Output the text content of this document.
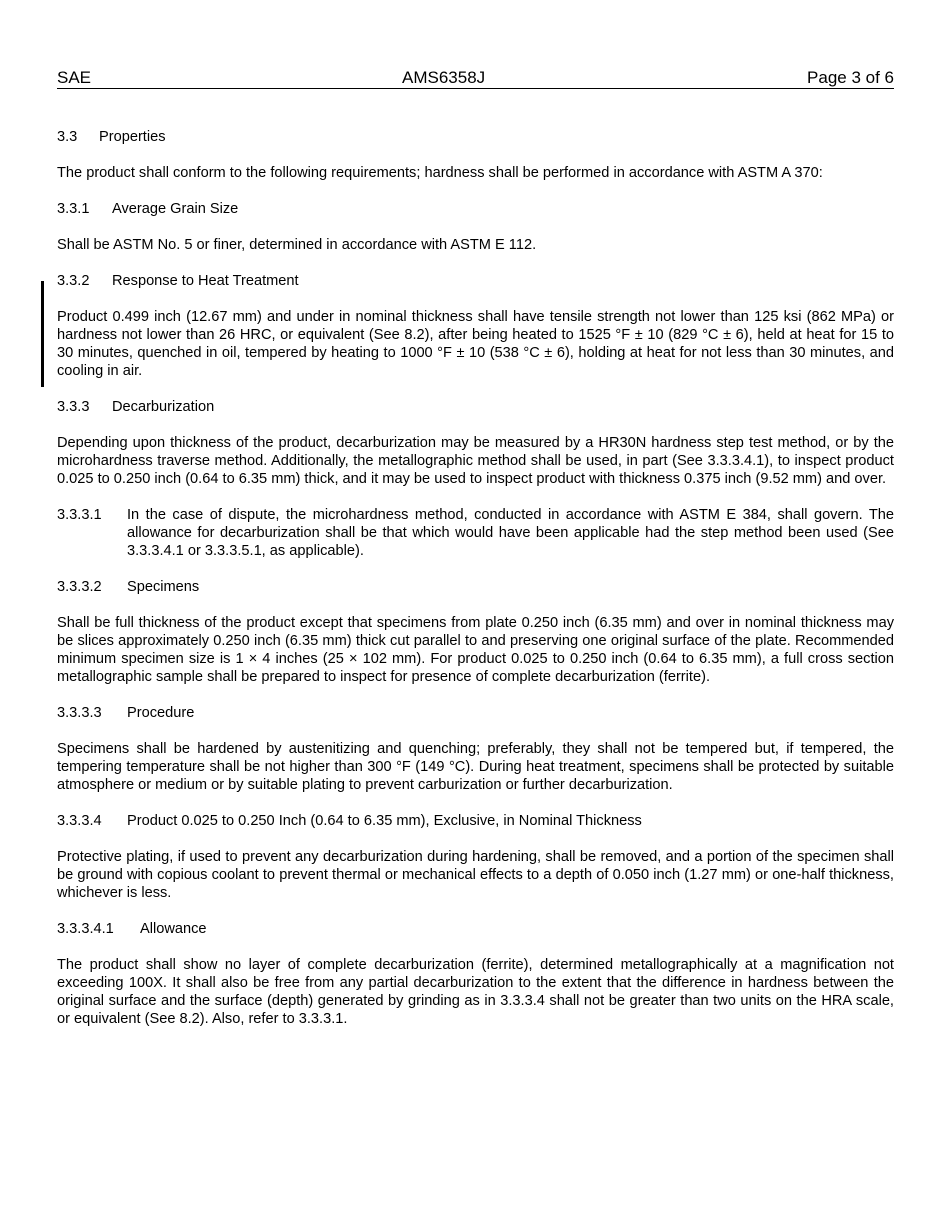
SAE	AMS6358J	Page 3 of 6
3.3 Properties

The product shall conform to the following requirements; hardness shall be performed in accordance with ASTM A 370:

3.3.1 Average Grain Size

Shall be ASTM No. 5 or finer, determined in accordance with ASTM E 112.

3.3.2 Response to Heat Treatment

Product 0.499 inch (12.67 mm) and under in nominal thickness shall have tensile strength not lower than 125 ksi (862 MPa) or hardness not lower than 26 HRC, or equivalent (See 8.2), after being heated to 1525 °F ± 10 (829 °C ± 6), held at heat for 15 to 30 minutes, quenched in oil, tempered by heating to 1000 °F ± 10 (538 °C ± 6), holding at heat for not less than 30 minutes, and cooling in air.

3.3.3 Decarburization

Depending upon thickness of the product, decarburization may be measured by a HR30N hardness step test method, or by the microhardness traverse method. Additionally, the metallographic method shall be used, in part (See 3.3.3.4.1), to inspect product 0.025 to 0.250 inch (0.64 to 6.35 mm) thick, and it may be used to inspect product with thickness 0.375 inch (9.52 mm) and over.

3.3.3.1	In the case of dispute, the microhardness method, conducted in accordance with ASTM E 384, shall govern. The allowance for decarburization shall be that which would have been applicable had the step method been used (See 3.3.3.4.1 or 3.3.3.5.1, as applicable).
3.3.3.2 Specimens

Shall be full thickness of the product except that specimens from plate 0.250 inch (6.35 mm) and over in nominal thickness may be slices approximately 0.250 inch (6.35 mm) thick cut parallel to and preserving one original surface of the plate. Recommended minimum specimen size is 1 × 4 inches (25 × 102 mm). For product 0.025 to 0.250 inch (0.64 to 6.35 mm), a full cross section metallographic sample shall be prepared to inspect for presence of complete decarburization (ferrite).

3.3.3.3 Procedure

Specimens shall be hardened by austenitizing and quenching; preferably, they shall not be tempered but, if tempered, the tempering temperature shall be not higher than 300 °F (149 °C). During heat treatment, specimens shall be protected by suitable atmosphere or medium or by suitable plating to prevent carburization or further decarburization.

3.3.3.4 Product 0.025 to 0.250 Inch (0.64 to 6.35 mm), Exclusive, in Nominal Thickness

Protective plating, if used to prevent any decarburization during hardening, shall be removed, and a portion of the specimen shall be ground with copious coolant to prevent thermal or mechanical effects to a depth of 0.050 inch (1.27 mm) or one-half thickness, whichever is less.

3.3.3.4.1 Allowance

The product shall show no layer of complete decarburization (ferrite), determined metallographically at a magnification not exceeding 100X. It shall also be free from any partial decarburization to the extent that the difference in hardness between the original surface and the surface (depth) generated by grinding as in 3.3.3.4 shall not be greater than two units on the HRA scale, or equivalent (See 8.2). Also, refer to 3.3.3.1.
